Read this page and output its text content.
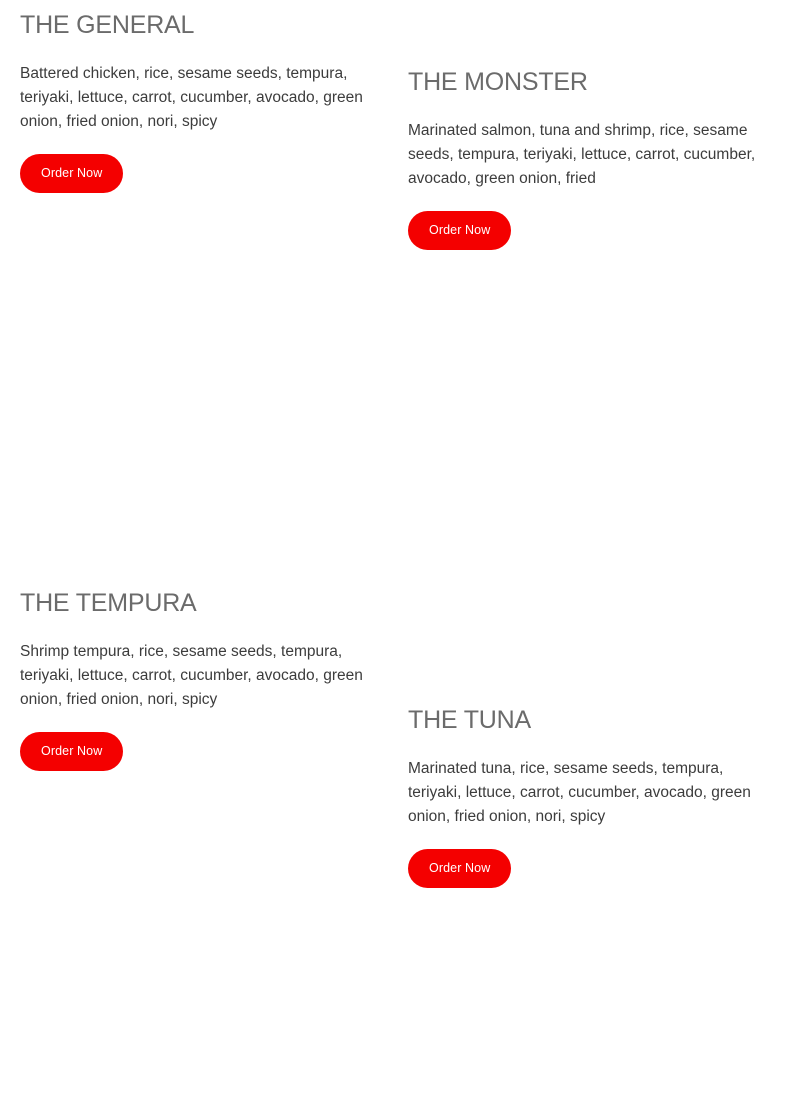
THE GENERAL

Battered chicken, rice, sesame seeds, tempura, teriyaki, lettuce, carrot, cucumber, avocado, green onion, fried onion, nori, spicy

Order Now
THE MONSTER

Marinated salmon, tuna and shrimp, rice, sesame seeds, tempura, teriyaki, lettuce, carrot, cucumber, avocado, green onion, fried

Order Now
THE TEMPURA

Shrimp tempura, rice, sesame seeds, tempura, teriyaki, lettuce, carrot, cucumber, avocado, green onion, fried onion, nori, spicy

Order Now
THE TUNA

Marinated tuna, rice, sesame seeds, tempura, teriyaki, lettuce, carrot, cucumber, avocado, green onion, fried onion, nori, spicy

Order Now
